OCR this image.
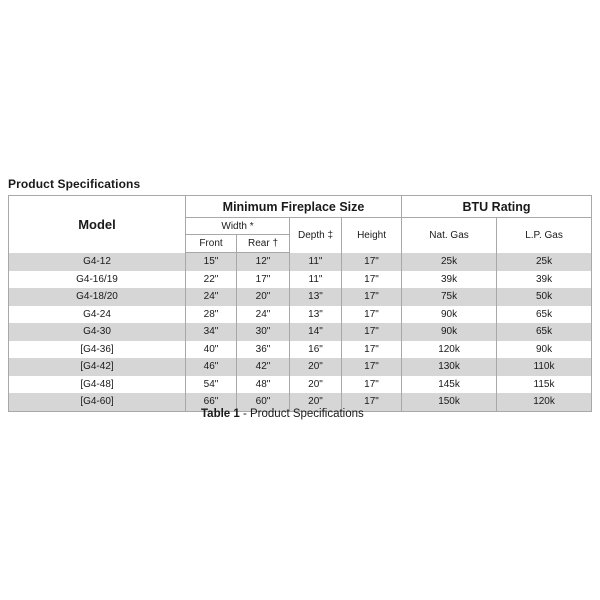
Product Specifications
Model	Minimum Fireplace Size				BTU Rating	
	Width *		Depth ‡	Height	Nat. Gas	L.P. Gas
	Front	Rear †				
G4-12	15"	12"	11"	17"	25k	25k
G4-16/19	22"	17"	11"	17"	39k	39k
G4-18/20	24"	20"	13"	17"	75k	50k
G4-24	28"	24"	13"	17"	90k	65k
G4-30	34"	30"	14"	17"	90k	65k
[G4-36]	40"	36"	16"	17"	120k	90k
[G4-42]	46"	42"	20"	17"	130k	110k
[G4-48]	54"	48"	20"	17"	145k	115k
[G4-60]	66"	60"	20"	17"	150k	120k
Table 1 - Product Specifications
